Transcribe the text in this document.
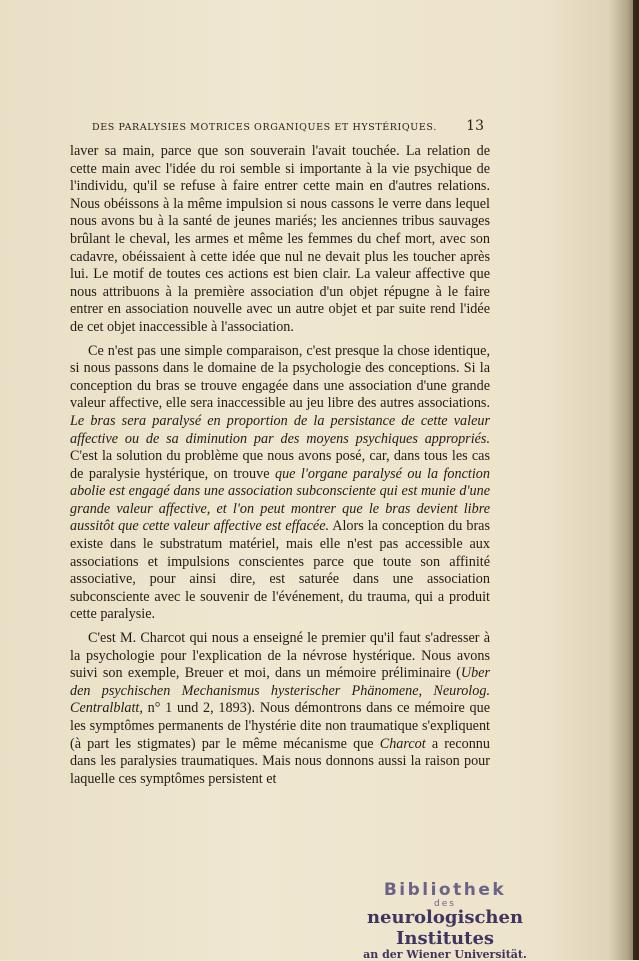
DES PARALYSIES MOTRICES ORGANIQUES ET HYSTÉRIQUES. 13

laver sa main, parce que son souverain l'avait touchée. La relation de cette main avec l'idée du roi semble si importante à la vie psychique de l'individu, qu'il se refuse à faire entrer cette main en d'autres relations. Nous obéissons à la même impulsion si nous cassons le verre dans lequel nous avons bu à la santé de jeunes mariés; les anciennes tribus sauvages brûlant le cheval, les armes et même les femmes du chef mort, avec son cadavre, obéissaient à cette idée que nul ne devait plus les toucher après lui. Le motif de toutes ces actions est bien clair. La valeur affective que nous attribuons à la première association d'un objet répugne à le faire entrer en association nouvelle avec un autre objet et par suite rend l'idée de cet objet inaccessible à l'association.

Ce n'est pas une simple comparaison, c'est presque la chose identique, si nous passons dans le domaine de la psychologie des conceptions. Si la conception du bras se trouve engagée dans une association d'une grande valeur affective, elle sera inaccessible au jeu libre des autres associations. Le bras sera paralysé en proportion de la persistance de cette valeur affective ou de sa diminution par des moyens psychiques appropriés. C'est la solution du problème que nous avons posé, car, dans tous les cas de paralysie hystérique, on trouve que l'organe paralysé ou la fonction abolie est engagé dans une association subconsciente qui est munie d'une grande valeur affective, et l'on peut montrer que le bras devient libre aussitôt que cette valeur affective est effacée. Alors la conception du bras existe dans le substratum matériel, mais elle n'est pas accessible aux associations et impulsions conscientes parce que toute son affinité associative, pour ainsi dire, est saturée dans une association subconsciente avec le souvenir de l'événement, du trauma, qui a produit cette paralysie.

C'est M. Charcot qui nous a enseigné le premier qu'il faut s'adresser à la psychologie pour l'explication de la névrose hystérique. Nous avons suivi son exemple, Breuer et moi, dans un mémoire préliminaire (Uber den psychischen Mechanismus hysterischer Phänomene, Neurolog. Centralblatt, n° 1 und 2, 1893). Nous démontrons dans ce mémoire que les symptômes permanents de l'hystérie dite non traumatique s'expliquent (à part les stigmates) par le même mécanisme que Charcot a reconnu dans les paralysies traumatiques. Mais nous donnons aussi la raison pour laquelle ces symptômes persistent et

Bibliothek
des
neurologischen Institutes
an der Wiener Universität.
